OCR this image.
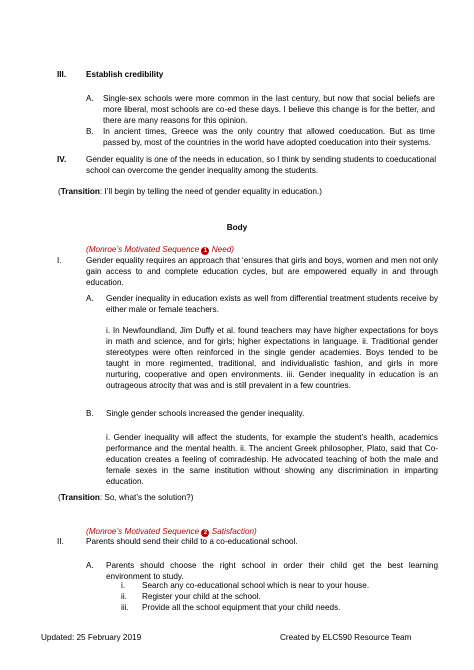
III. Establish credibility
A. Single-sex schools were more common in the last century, but now that social beliefs are more liberal, most schools are co-ed these days. I believe this change is for the better, and there are many reasons for this opinion.
B. In ancient times, Greece was the only country that allowed coeducation. But as time passed by, most of the countries in the world have adopted coeducation into their systems.
IV. Gender equality is one of the needs in education, so I think by sending students to coeducational school can overcome the gender inequality among the students.
(Transition: I’ll begin by telling the need of gender equality in education.)
Body
(Monroe’s Motivated Sequence 1 Need)
I.	Gender equality requires an approach that ‘ensures that girls and boys, women and men not only gain access to and complete education cycles, but are empowered equally in and through education.
A. Gender inequality in education exists as well from differential treatment students receive by either male or female teachers.
i. In Newfoundland, Jim Duffy et al. found teachers may have higher expectations for boys in math and science, and for girls; higher expectations in language. ii. Traditional gender stereotypes were often reinforced in the single gender academies. Boys tended to be taught in more regimented, traditional, and individualistic fashion, and girls in more nurturing, cooperative and open environments. iii. Gender inequality in education is an outrageous atrocity that was and is still prevalent in a few countries.
B. Single gender schools increased the gender inequality.
i. Gender inequality will affect the students, for example the student’s health, academics performance and the mental health. ii. The ancient Greek philosopher, Plato, said that Co-education creates a feeling of comradeship. He advocated teaching of both the male and female sexes in the same institution without showing any discrimination in imparting education.
(Transition: So, what’s the solution?)
(Monroe’s Motivated Sequence 2 Satisfaction)
II.	Parents should send their child to a co-educational school.
A. Parents should choose the right school in order their child get the best learning environment to study.
i. Search any co-educational school which is near to your house.
ii. Register your child at the school.
iii. Provide all the school equipment that your child needs.
Updated: 25 February 2019	Created by ELC590 Resource Team
